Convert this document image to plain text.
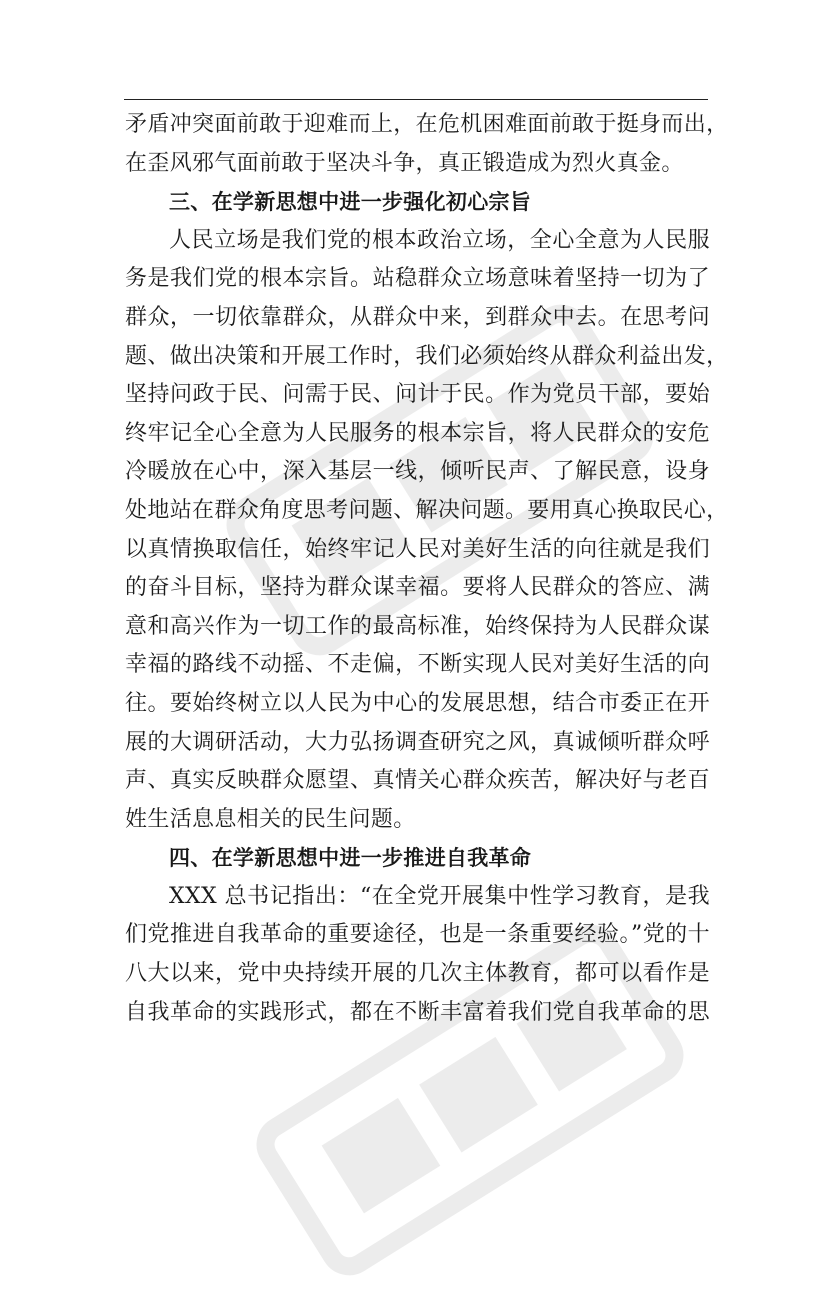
矛盾冲突面前敢于迎难而上，在危机困难面前敢于挺身而出，
在歪风邪气面前敢于坚决斗争，真正锻造成为烈火真金。
三、在学新思想中进一步强化初心宗旨
人民立场是我们党的根本政治立场，全心全意为人民服
务是我们党的根本宗旨。站稳群众立场意味着坚持一切为了
群众，一切依靠群众，从群众中来，到群众中去。在思考问
题、做出决策和开展工作时，我们必须始终从群众利益出发，
坚持问政于民、问需于民、问计于民。作为党员干部，要始
终牢记全心全意为人民服务的根本宗旨，将人民群众的安危
冷暖放在心中，深入基层一线，倾听民声、了解民意，设身
处地站在群众角度思考问题、解决问题。要用真心换取民心，
以真情换取信任，始终牢记人民对美好生活的向往就是我们
的奋斗目标，坚持为群众谋幸福。要将人民群众的答应、满
意和高兴作为一切工作的最高标准，始终保持为人民群众谋
幸福的路线不动摇、不走偏，不断实现人民对美好生活的向
往。要始终树立以人民为中心的发展思想，结合市委正在开
展的大调研活动，大力弘扬调查研究之风，真诚倾听群众呼
声、真实反映群众愿望、真情关心群众疾苦，解决好与老百
姓生活息息相关的民生问题。
四、在学新思想中进一步推进自我革命
XXX 总书记指出：“在全党开展集中性学习教育，是我
们党推进自我革命的重要途径，也是一条重要经验。”党的十
八大以来，党中央持续开展的几次主体教育，都可以看作是
自我革命的实践形式，都在不断丰富着我们党自我革命的思
